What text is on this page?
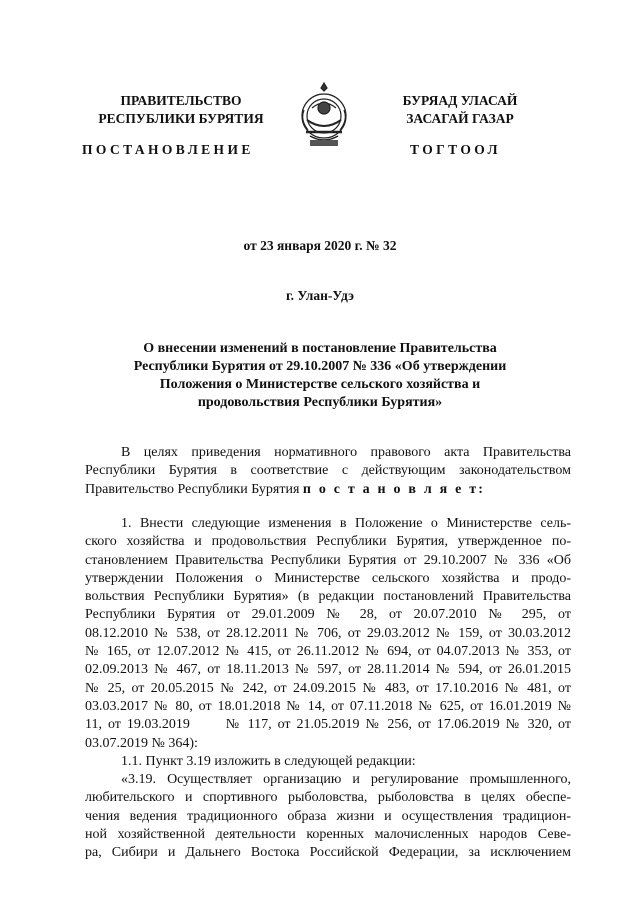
ПРАВИТЕЛЬСТВО
РЕСПУБЛИКИ БУРЯТИЯ
БУРЯАД УЛАСАЙ
ЗАСАГАЙ ГАЗАР
ПОСТАНОВЛЕНИЕ	ТОГТООЛ
от 23 января 2020 г. № 32
г. Улан-Удэ
О внесении изменений в постановление Правительства
Республики Бурятия от 29.10.2007 № 336 «Об утверждении
Положения о Министерстве сельского хозяйства и
продовольствия Республики Бурятия»
В целях приведения нормативного правового акта Правительства
Республики Бурятия в соответствие с действующим законодательством
Правительство Республики Бурятия п о с т а н о в л я е т:
1. Внести следующие изменения в Положение о Министерстве сель-
ского хозяйства и продовольствия Республики Бурятия, утвержденное по-
становлением Правительства Республики Бурятия от 29.10.2007 № 336 «Об
утверждении Положения о Министерстве сельского хозяйства и продо-
вольствия Республики Бурятия» (в редакции постановлений Правительства
Республики Бурятия от 29.01.2009 № 28, от 20.07.2010 № 295, от
08.12.2010 № 538, от 28.12.2011 № 706, от 29.03.2012 № 159, от 30.03.2012
№ 165, от 12.07.2012 № 415, от 26.11.2012 № 694, от 04.07.2013 № 353, от
02.09.2013 № 467, от 18.11.2013 № 597, от 28.11.2014 № 594, от 26.01.2015
№ 25, от 20.05.2015 № 242, от 24.09.2015 № 483, от 17.10.2016 № 481, от
03.03.2017 № 80, от 18.01.2018 № 14, от 07.11.2018 № 625, от 16.01.2019 №
11, от 19.03.2019      № 117, от 21.05.2019 № 256, от 17.06.2019 № 320, от
03.07.2019 № 364):
1.1. Пункт 3.19 изложить в следующей редакции:
«3.19. Осуществляет организацию и регулирование промышленного,
любительского и спортивного рыболовства, рыболовства в целях обеспе-
чения ведения традиционного образа жизни и осуществления традицион-
ной хозяйственной деятельности коренных малочисленных народов Севе-
ра, Сибири и Дальнего Востока Российской Федерации, за исключением
